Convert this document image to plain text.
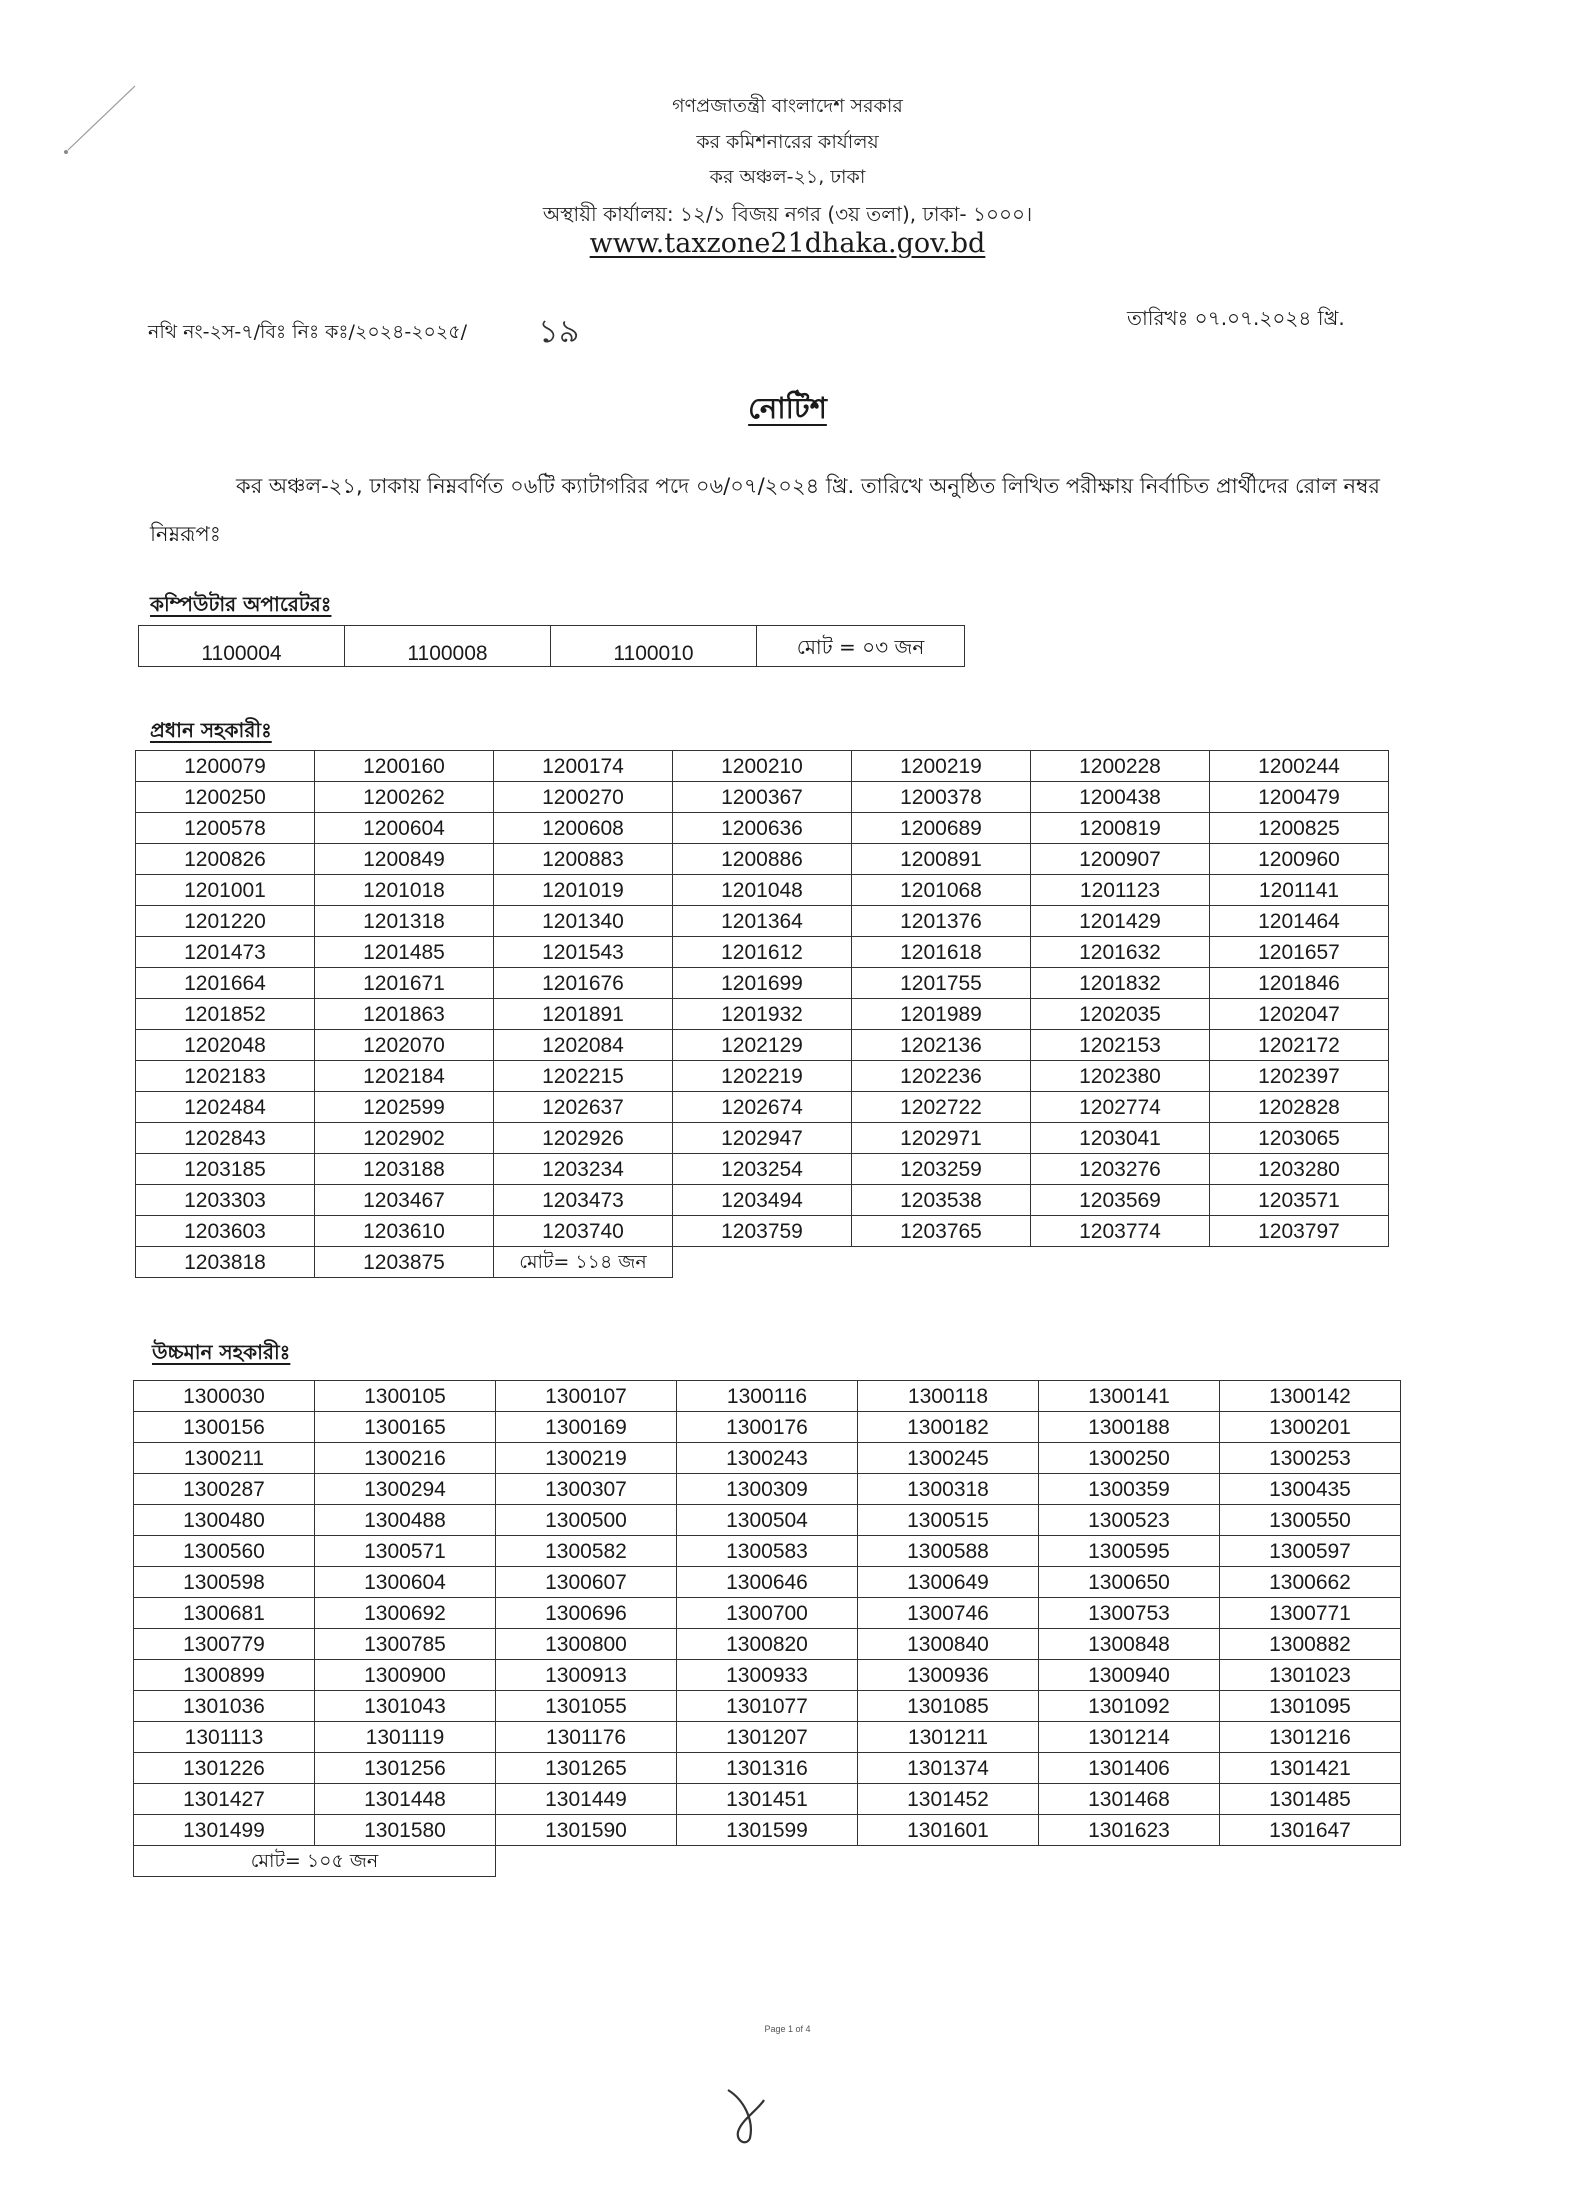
গণপ্রজাতন্ত্রী বাংলাদেশ সরকার
কর কমিশনারের কার্যালয়
কর অঞ্চল-২১, ঢাকা
অস্থায়ী কার্যালয়: ১২/১ বিজয় নগর (৩য় তলা), ঢাকা- ১০০০।
www.taxzone21dhaka.gov.bd
নথি নং-২স-৭/বিঃ নিঃ কঃ/২০২৪-২০২৫/ ১৯	তারিখঃ ০৭.০৭.২০২৪ খ্রি.
নোটিশ
কর অঞ্চল-২১, ঢাকায় নিম্নবর্ণিত ০৬টি ক্যাটাগরির পদে ০৬/০৭/২০২৪ খ্রি. তারিখে অনুষ্ঠিত লিখিত পরীক্ষায় নির্বাচিত প্রার্থীদের রোল নম্বর নিম্নরূপঃ
কম্পিউটার অপারেটরঃ
1100004	1100008	1100010	মোট = ০৩ জন
প্রধান সহকারীঃ
1200079	1200160	1200174	1200210	1200219	1200228	1200244
1200250	1200262	1200270	1200367	1200378	1200438	1200479
1200578	1200604	1200608	1200636	1200689	1200819	1200825
1200826	1200849	1200883	1200886	1200891	1200907	1200960
1201001	1201018	1201019	1201048	1201068	1201123	1201141
1201220	1201318	1201340	1201364	1201376	1201429	1201464
1201473	1201485	1201543	1201612	1201618	1201632	1201657
1201664	1201671	1201676	1201699	1201755	1201832	1201846
1201852	1201863	1201891	1201932	1201989	1202035	1202047
1202048	1202070	1202084	1202129	1202136	1202153	1202172
1202183	1202184	1202215	1202219	1202236	1202380	1202397
1202484	1202599	1202637	1202674	1202722	1202774	1202828
1202843	1202902	1202926	1202947	1202971	1203041	1203065
1203185	1203188	1203234	1203254	1203259	1203276	1203280
1203303	1203467	1203473	1203494	1203538	1203569	1203571
1203603	1203610	1203740	1203759	1203765	1203774	1203797
1203818	1203875	মোট= ১১৪ জন				
উচ্চমান সহকারীঃ
1300030	1300105	1300107	1300116	1300118	1300141	1300142
1300156	1300165	1300169	1300176	1300182	1300188	1300201
1300211	1300216	1300219	1300243	1300245	1300250	1300253
1300287	1300294	1300307	1300309	1300318	1300359	1300435
1300480	1300488	1300500	1300504	1300515	1300523	1300550
1300560	1300571	1300582	1300583	1300588	1300595	1300597
1300598	1300604	1300607	1300646	1300649	1300650	1300662
1300681	1300692	1300696	1300700	1300746	1300753	1300771
1300779	1300785	1300800	1300820	1300840	1300848	1300882
1300899	1300900	1300913	1300933	1300936	1300940	1301023
1301036	1301043	1301055	1301077	1301085	1301092	1301095
1301113	1301119	1301176	1301207	1301211	1301214	1301216
1301226	1301256	1301265	1301316	1301374	1301406	1301421
1301427	1301448	1301449	1301451	1301452	1301468	1301485
1301499	1301580	1301590	1301599	1301601	1301623	1301647
মোট= ১০৫ জন						
Page 1 of 4
